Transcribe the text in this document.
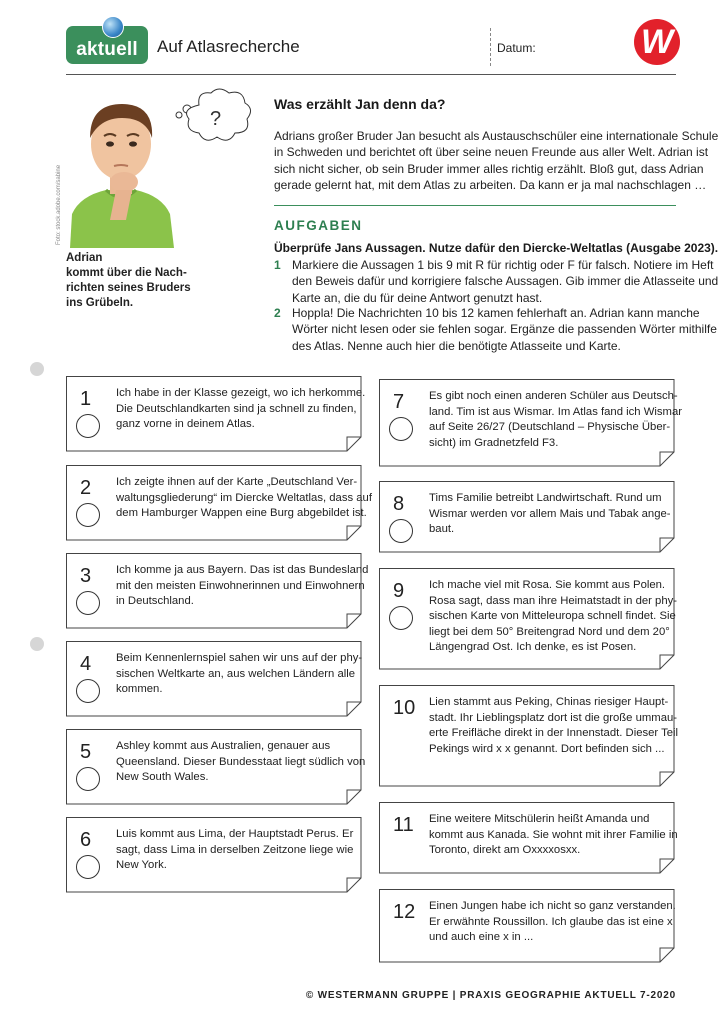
aktuell	Auf Atlasrecherche	Datum:	W
Foto: stock.adobe.com/sabine
?
Adrian
kommt über die Nach-
richten seines Bruders
ins Grübeln.
Was erzählt Jan denn da?
Adrians großer Bruder Jan besucht als Austauschschüler eine internationale Schule
in Schweden und berichtet oft über seine neuen Freunde aus aller Welt. Adrian ist
sich nicht sicher, ob sein Bruder immer alles richtig erzählt. Bloß gut, dass Adrian
gerade gelernt hat, mit dem Atlas zu arbeiten. Da kann er ja mal nachschlagen …
AUFGABEN
Überprüfe Jans Aussagen. Nutze dafür den Diercke-Weltatlas (Ausgabe 2023).
1 Markiere die Aussagen 1 bis 9 mit R für richtig oder F für falsch. Notiere im Heft
den Beweis dafür und korrigiere falsche Aussagen. Gib immer die Atlasseite und
Karte an, die du für deine Antwort genutzt hast.
2 Hoppla! Die Nachrichten 10 bis 12 kamen fehlerhaft an. Adrian kann manche
Wörter nicht lesen oder sie fehlen sogar. Ergänze die passenden Wörter mithilfe
des Atlas. Nenne auch hier die benötigte Atlasseite und Karte.
1 Ich habe in der Klasse gezeigt, wo ich herkomme.
Die Deutschlandkarten sind ja schnell zu finden,
ganz vorne in deinem Atlas.
2 Ich zeigte ihnen auf der Karte „Deutschland Ver-
waltungsgliederung“ im Diercke Weltatlas, dass auf
dem Hamburger Wappen eine Burg abgebildet ist.
3 Ich komme ja aus Bayern. Das ist das Bundesland
mit den meisten Einwohnerinnen und Einwohnern
in Deutschland.
4 Beim Kennenlernspiel sahen wir uns auf der phy-
sischen Weltkarte an, aus welchen Ländern alle
kommen.
5 Ashley kommt aus Australien, genauer aus
Queensland. Dieser Bundesstaat liegt südlich von
New South Wales.
6 Luis kommt aus Lima, der Hauptstadt Perus. Er
sagt, dass Lima in derselben Zeitzone liege wie
New York.
7 Es gibt noch einen anderen Schüler aus Deutsch-
land. Tim ist aus Wismar. Im Atlas fand ich Wismar
auf Seite 26/27 (Deutschland – Physische Über-
sicht) im Gradnetzfeld F3.
8 Tims Familie betreibt Landwirtschaft. Rund um
Wismar werden vor allem Mais und Tabak ange-
baut.
9 Ich mache viel mit Rosa. Sie kommt aus Polen.
Rosa sagt, dass man ihre Heimatstadt in der phy-
sischen Karte von Mitteleuropa schnell findet. Sie
liegt bei dem 50° Breitengrad Nord und dem 20°
Längengrad Ost. Ich denke, es ist Posen.
10 Lien stammt aus Peking, Chinas riesiger Haupt-
stadt. Ihr Lieblingsplatz dort ist die große ummau-
erte Freifläche direkt in der Innenstadt. Dieser Teil
Pekings wird x x genannt. Dort befinden sich ...
11 Eine weitere Mitschülerin heißt Amanda und
kommt aus Kanada. Sie wohnt mit ihrer Familie in
Toronto, direkt am Oxxxxosxx.
12 Einen Jungen habe ich nicht so ganz verstanden.
Er erwähnte Roussillon. Ich glaube das ist eine x
und auch eine x in ...
© WESTERMANN GRUPPE | PRAXIS GEOGRAPHIE AKTUELL 7-2020
